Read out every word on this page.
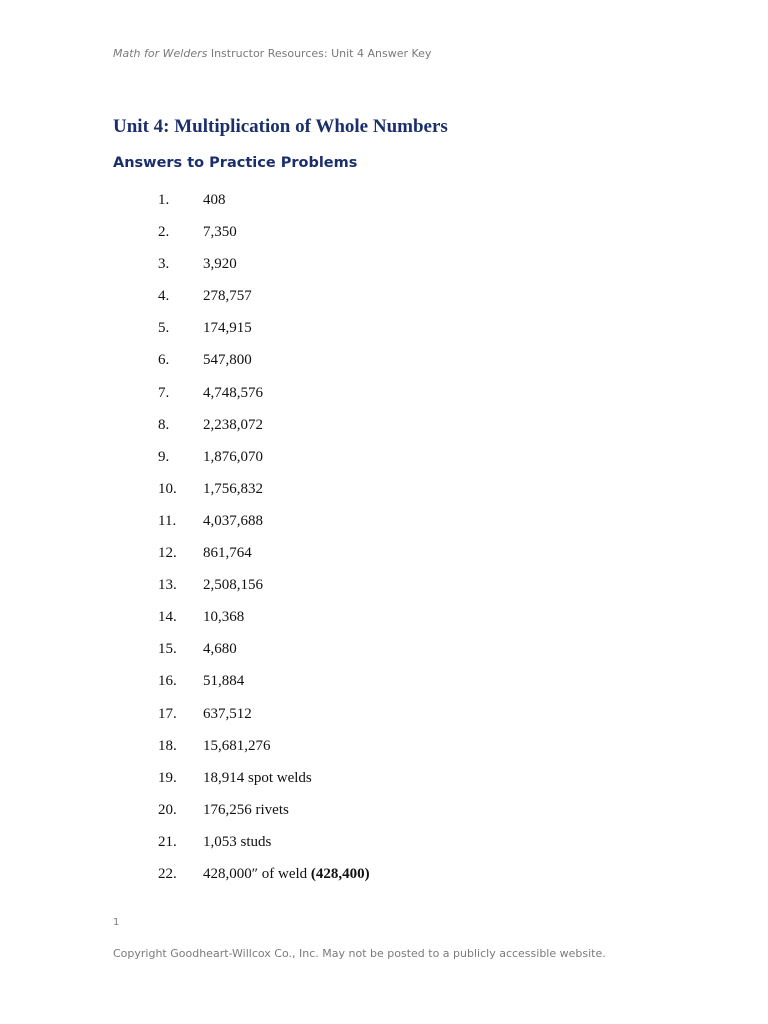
Math for Welders Instructor Resources: Unit 4 Answer Key
Unit 4: Multiplication of Whole Numbers
Answers to Practice Problems
1. 408
2. 7,350
3. 3,920
4. 278,757
5. 174,915
6. 547,800
7. 4,748,576
8. 2,238,072
9. 1,876,070
10. 1,756,832
11. 4,037,688
12. 861,764
13. 2,508,156
14. 10,368
15. 4,680
16. 51,884
17. 637,512
18. 15,681,276
19. 18,914 spot welds
20. 176,256 rivets
21. 1,053 studs
22. 428,000″ of weld (428,400)
1
Copyright Goodheart-Willcox Co., Inc. May not be posted to a publicly accessible website.
